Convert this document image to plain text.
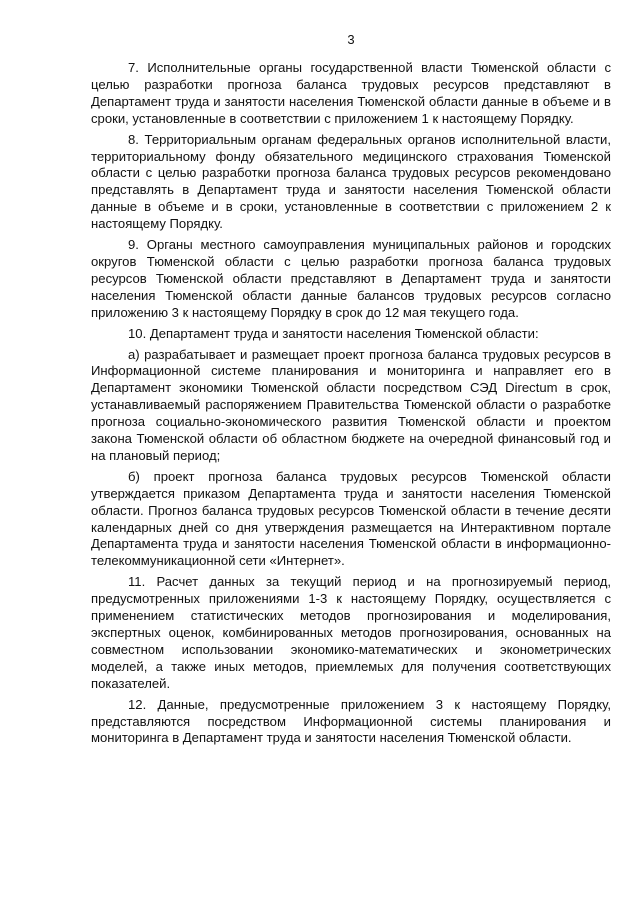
3

7. Исполнительные органы государственной власти Тюменской области с целью разработки прогноза баланса трудовых ресурсов представляют в Департамент труда и занятости населения Тюменской области данные в объеме и в сроки, установленные в соответствии с приложением 1 к настоящему Порядку.

8. Территориальным органам федеральных органов исполнительной власти, территориальному фонду обязательного медицинского страхования Тюменской области с целью разработки прогноза баланса трудовых ресурсов рекомендовано представлять в Департамент труда и занятости населения Тюменской области данные в объеме и в сроки, установленные в соответствии с приложением 2 к настоящему Порядку.

9. Органы местного самоуправления муниципальных районов и городских округов Тюменской области с целью разработки прогноза баланса трудовых ресурсов Тюменской области представляют в Департамент труда и занятости населения Тюменской области данные балансов трудовых ресурсов согласно приложению 3 к настоящему Порядку в срок до 12 мая текущего года.

10. Департамент труда и занятости населения Тюменской области:

а) разрабатывает и размещает проект прогноза баланса трудовых ресурсов в Информационной системе планирования и мониторинга и направляет его в Департамент экономики Тюменской области посредством СЭД Directum в срок, устанавливаемый распоряжением Правительства Тюменской области о разработке прогноза социально-экономического развития Тюменской области и проектом закона Тюменской области об областном бюджете на очередной финансовый год и на плановый период;

б) проект прогноза баланса трудовых ресурсов Тюменской области утверждается приказом Департамента труда и занятости населения Тюменской области. Прогноз баланса трудовых ресурсов Тюменской области в течение десяти календарных дней со дня утверждения размещается на Интерактивном портале Департамента труда и занятости населения Тюменской области в информационно-телекоммуникационной сети «Интернет».

11. Расчет данных за текущий период и на прогнозируемый период, предусмотренных приложениями 1-3 к настоящему Порядку, осуществляется с применением статистических методов прогнозирования и моделирования, экспертных оценок, комбинированных методов прогнозирования, основанных на совместном использовании экономико-математических и эконометрических моделей, а также иных методов, приемлемых для получения соответствующих показателей.

12. Данные, предусмотренные приложением 3 к настоящему Порядку, представляются посредством Информационной системы планирования и мониторинга в Департамент труда и занятости населения Тюменской области.
